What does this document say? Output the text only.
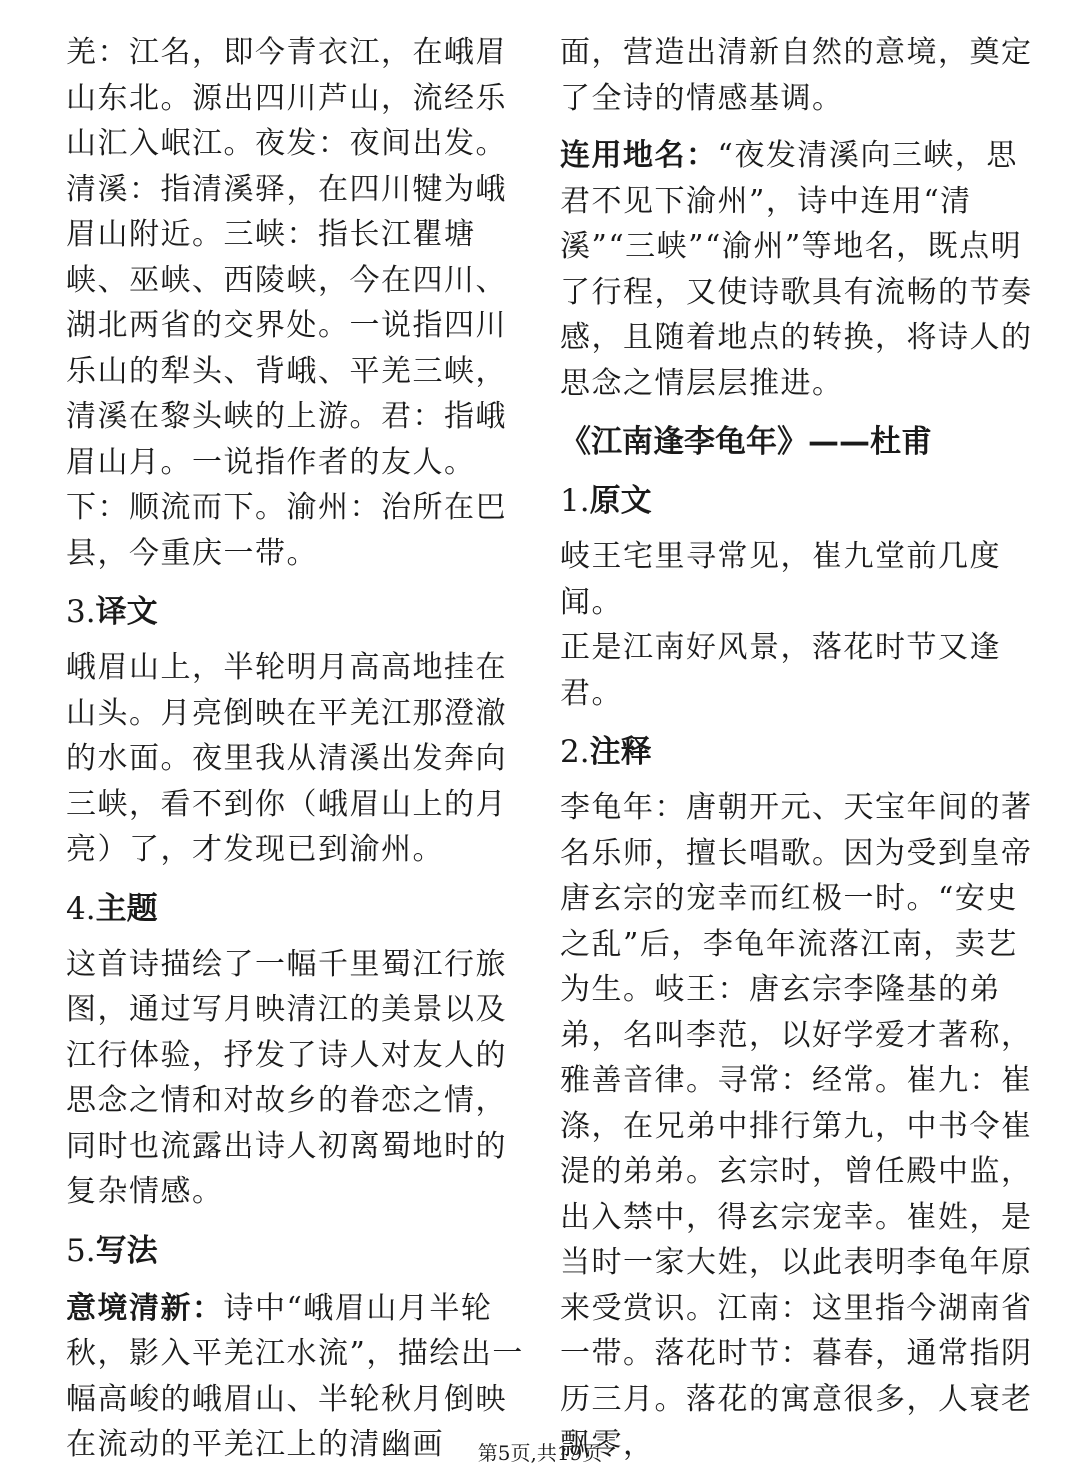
羌：江名，即今青衣江，在峨眉山东北。源出四川芦山，流经乐山汇入岷江。夜发：夜间出发。清溪：指清溪驿，在四川犍为峨眉山附近。三峡：指长江瞿塘峡、巫峡、西陵峡，今在四川、湖北两省的交界处。一说指四川乐山的犁头、背峨、平羌三峡，清溪在黎头峡的上游。君：指峨眉山月。一说指作者的友人。下：顺流而下。渝州：治所在巴县，今重庆一带。

3.译文

峨眉山上，半轮明月高高地挂在山头。月亮倒映在平羌江那澄澈的水面。夜里我从清溪出发奔向三峡，看不到你（峨眉山上的月亮）了，才发现已到渝州。

4.主题

这首诗描绘了一幅千里蜀江行旅图，通过写月映清江的美景以及江行体验，抒发了诗人对友人的思念之情和对故乡的眷恋之情，同时也流露出诗人初离蜀地时的复杂情感。

5.写法

意境清新：诗中“峨眉山月半轮秋，影入平羌江水流”，描绘出一幅高峻的峨眉山、半轮秋月倒映在流动的平羌江上的清幽画

面，营造出清新自然的意境，奠定了全诗的情感基调。

连用地名：“夜发清溪向三峡，思君不见下渝州”，诗中连用“清溪”“三峡”“渝州”等地名，既点明了行程，又使诗歌具有流畅的节奏感，且随着地点的转换，将诗人的思念之情层层推进。

《江南逢李龟年》——杜甫
1.原文

岐王宅里寻常见，崔九堂前几度闻。

正是江南好风景，落花时节又逢君。

2.注释

李龟年：唐朝开元、天宝年间的著名乐师，擅长唱歌。因为受到皇帝唐玄宗的宠幸而红极一时。“安史之乱”后，李龟年流落江南，卖艺为生。岐王：唐玄宗李隆基的弟弟，名叫李范，以好学爱才著称，雅善音律。寻常：经常。崔九：崔涤，在兄弟中排行第九，中书令崔湜的弟弟。玄宗时，曾任殿中监，出入禁中，得玄宗宠幸。崔姓，是当时一家大姓，以此表明李龟年原来受赏识。江南：这里指今湖南省一带。落花时节：暮春，通常指阴历三月。落花的寓意很多，人衰老飘零，

第5页,共19页
